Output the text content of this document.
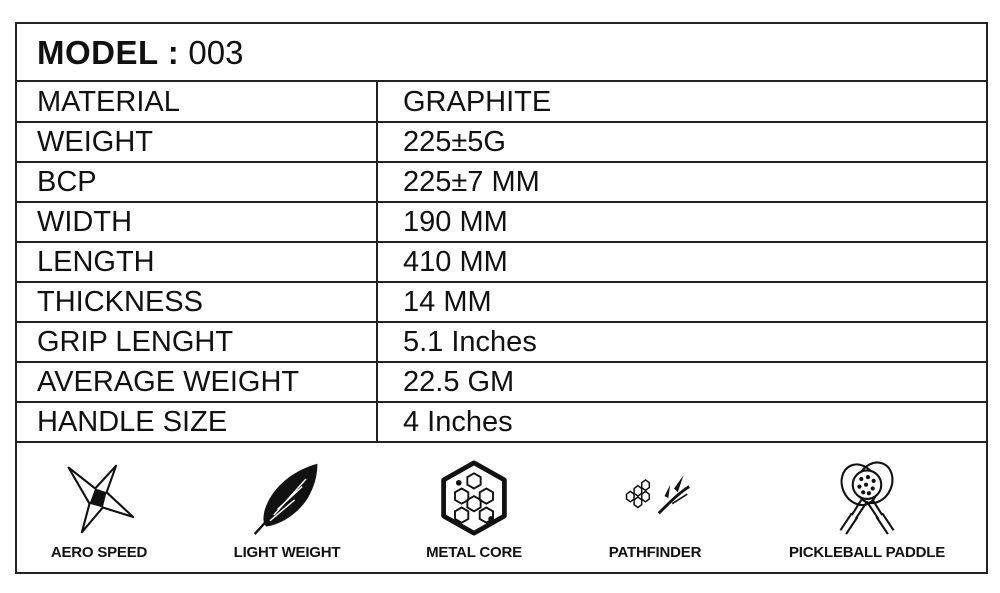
MODEL : 003
MATERIAL	GRAPHITE
WEIGHT	225±5G
BCP	225±7 MM
WIDTH	190 MM
LENGTH	410 MM
THICKNESS	14 MM
GRIP LENGHT	5.1 Inches
AVERAGE WEIGHT	22.5 GM
HANDLE SIZE	4 Inches
AERO SPEED	LIGHT WEIGHT	METAL CORE	PATHFINDER	PICKLEBALL PADDLE
